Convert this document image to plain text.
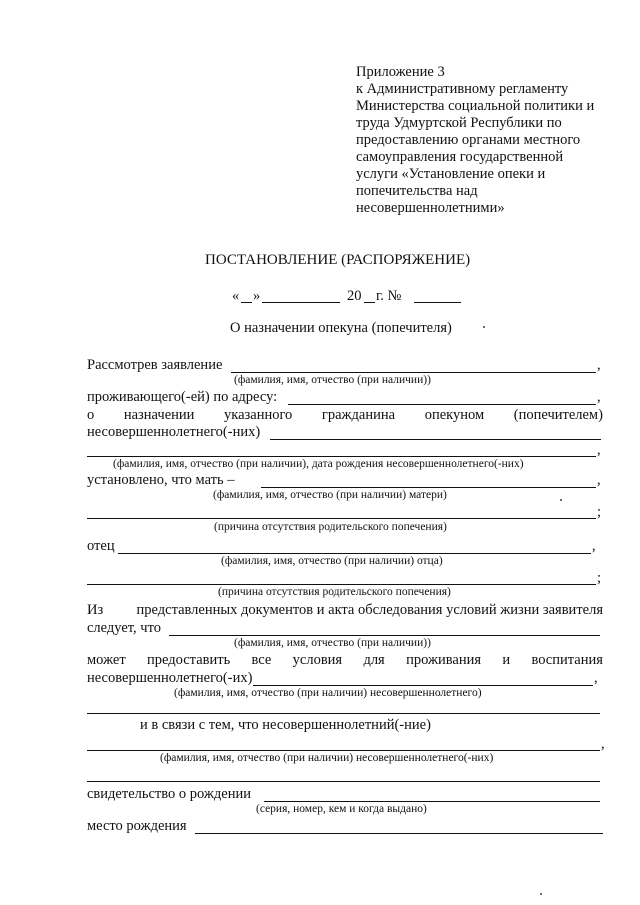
Приложение 3
к Административному регламенту
Министерства социальной политики и
труда Удмуртской Республики по
предоставлению органами местного
самоуправления государственной
услуги «Установление опеки и
попечительства над
несовершеннолетними»
ПОСТАНОВЛЕНИЕ (РАСПОРЯЖЕНИЕ)
« »	20 г. №
О назначении опекуна (попечителя)
Рассмотрев заявление	,
(фамилия, имя, отчество (при наличии))
проживающего(-ей) по адресу:	,
о назначении указанного гражданина опекуном (попечителем)
несовершеннолетнего(-них)
,
(фамилия, имя, отчество (при наличии), дата рождения несовершеннолетнего(-них)
установлено, что мать –	,
(фамилия, имя, отчество (при наличии) матери)
;
(причина отсутствия родительского попечения)
отец	,
(фамилия, имя, отчество (при наличии) отца)
;
(причина отсутствия родительского попечения)
Из представленных документов и акта обследования условий жизни заявителя
следует, что
(фамилия, имя, отчество (при наличии))
может предоставить все условия для проживания и воспитания
несовершеннолетнего(-их)	,
(фамилия, имя, отчество (при наличии) несовершеннолетнего)
и в связи с тем, что несовершеннолетний(-ние)
,
(фамилия, имя, отчество (при наличии) несовершеннолетнего(-них)
свидетельство о рождении
(серия, номер, кем и когда выдано)
место рождения
